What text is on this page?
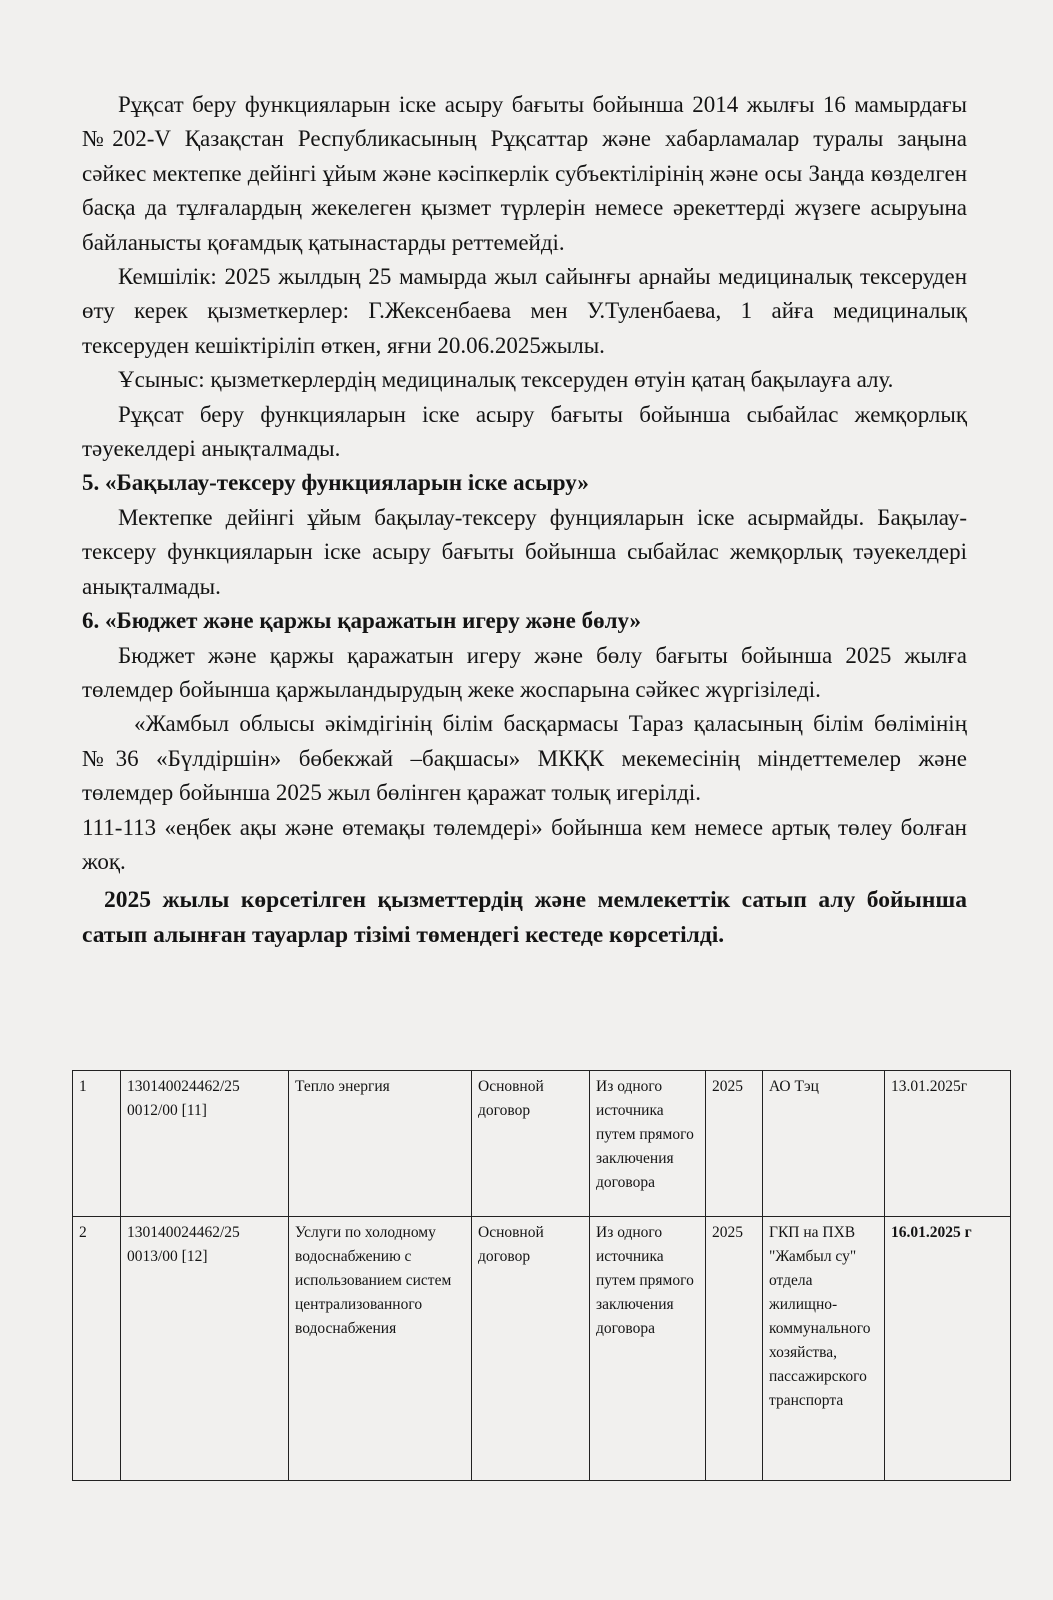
Рұқсат беру функцияларын іске асыру бағыты бойынша 2014 жылғы 16 мамырдағы №202-V Қазақстан Республикасының Рұқсаттар және хабарламалар туралы заңына сәйкес мектепке дейінгі ұйым және кәсіпкерлік субъектілірінің және осы Заңда көзделген басқа да тұлғалардың жекелеген қызмет түрлерін немесе әрекеттерді жүзеге асыруына байланысты қоғамдық қатынастарды реттемейді.

Кемшілік: 2025 жылдың 25 мамырда жыл сайынғы арнайы медициналық тексеруден өту керек қызметкерлер: Г.Жексенбаева мен У.Туленбаева, 1 айға медициналық тексеруден кешіктіріліп өткен, яғни 20.06.2025жылы.

Ұсыныс: қызметкерлердің медициналық тексеруден өтуін қатаң бақылауға алу.

Рұқсат беру функцияларын іске асыру бағыты бойынша сыбайлас жемқорлық тәуекелдері анықталмады.

5. «Бақылау-тексеру функцияларын іске асыру»

Мектепке дейінгі ұйым бақылау-тексеру фунцияларын іске асырмайды. Бақылау-тексеру функцияларын іске асыру бағыты бойынша сыбайлас жемқорлық тәуекелдері анықталмады.

6. «Бюджет және қаржы қаражатын игеру және бөлу»

Бюджет және қаржы қаражатын игеру және бөлу бағыты бойынша 2025 жылға төлемдер бойынша қаржыландырудың жеке жоспарына сәйкес жүргізіледі.

«Жамбыл облысы әкімдігінің білім басқармасы Тараз қаласының білім бөлімінің №36 «Бүлдіршін» бөбекжай –бақшасы» МКҚК мекемесінің міндеттемелер және төлемдер бойынша 2025 жыл бөлінген қаражат толық игерілді.

111-113 «еңбек ақы және өтемақы төлемдері» бойынша кем немесе артық төлеу болған жоқ.

2025 жылы көрсетілген қызметтердің және мемлекеттік сатып алу бойынша сатып алынған тауарлар тізімі төмендегі кестеде көрсетілді.

1	130140024462/25 0012/00 [11]	Тепло энергия	Основной договор	Из одного источника путем прямого заключения договора	2025	АО Тэц	13.01.2025г
2	130140024462/25 0013/00 [12]	Услуги по холодному водоснабжению с использованием систем централизованного водоснабжения	Основной договор	Из одного источника путем прямого заключения договора	2025	ГКП на ПХВ "Жамбыл су" отдела жилищно-коммунального хозяйства, пассажирского транспорта	16.01.2025 г
